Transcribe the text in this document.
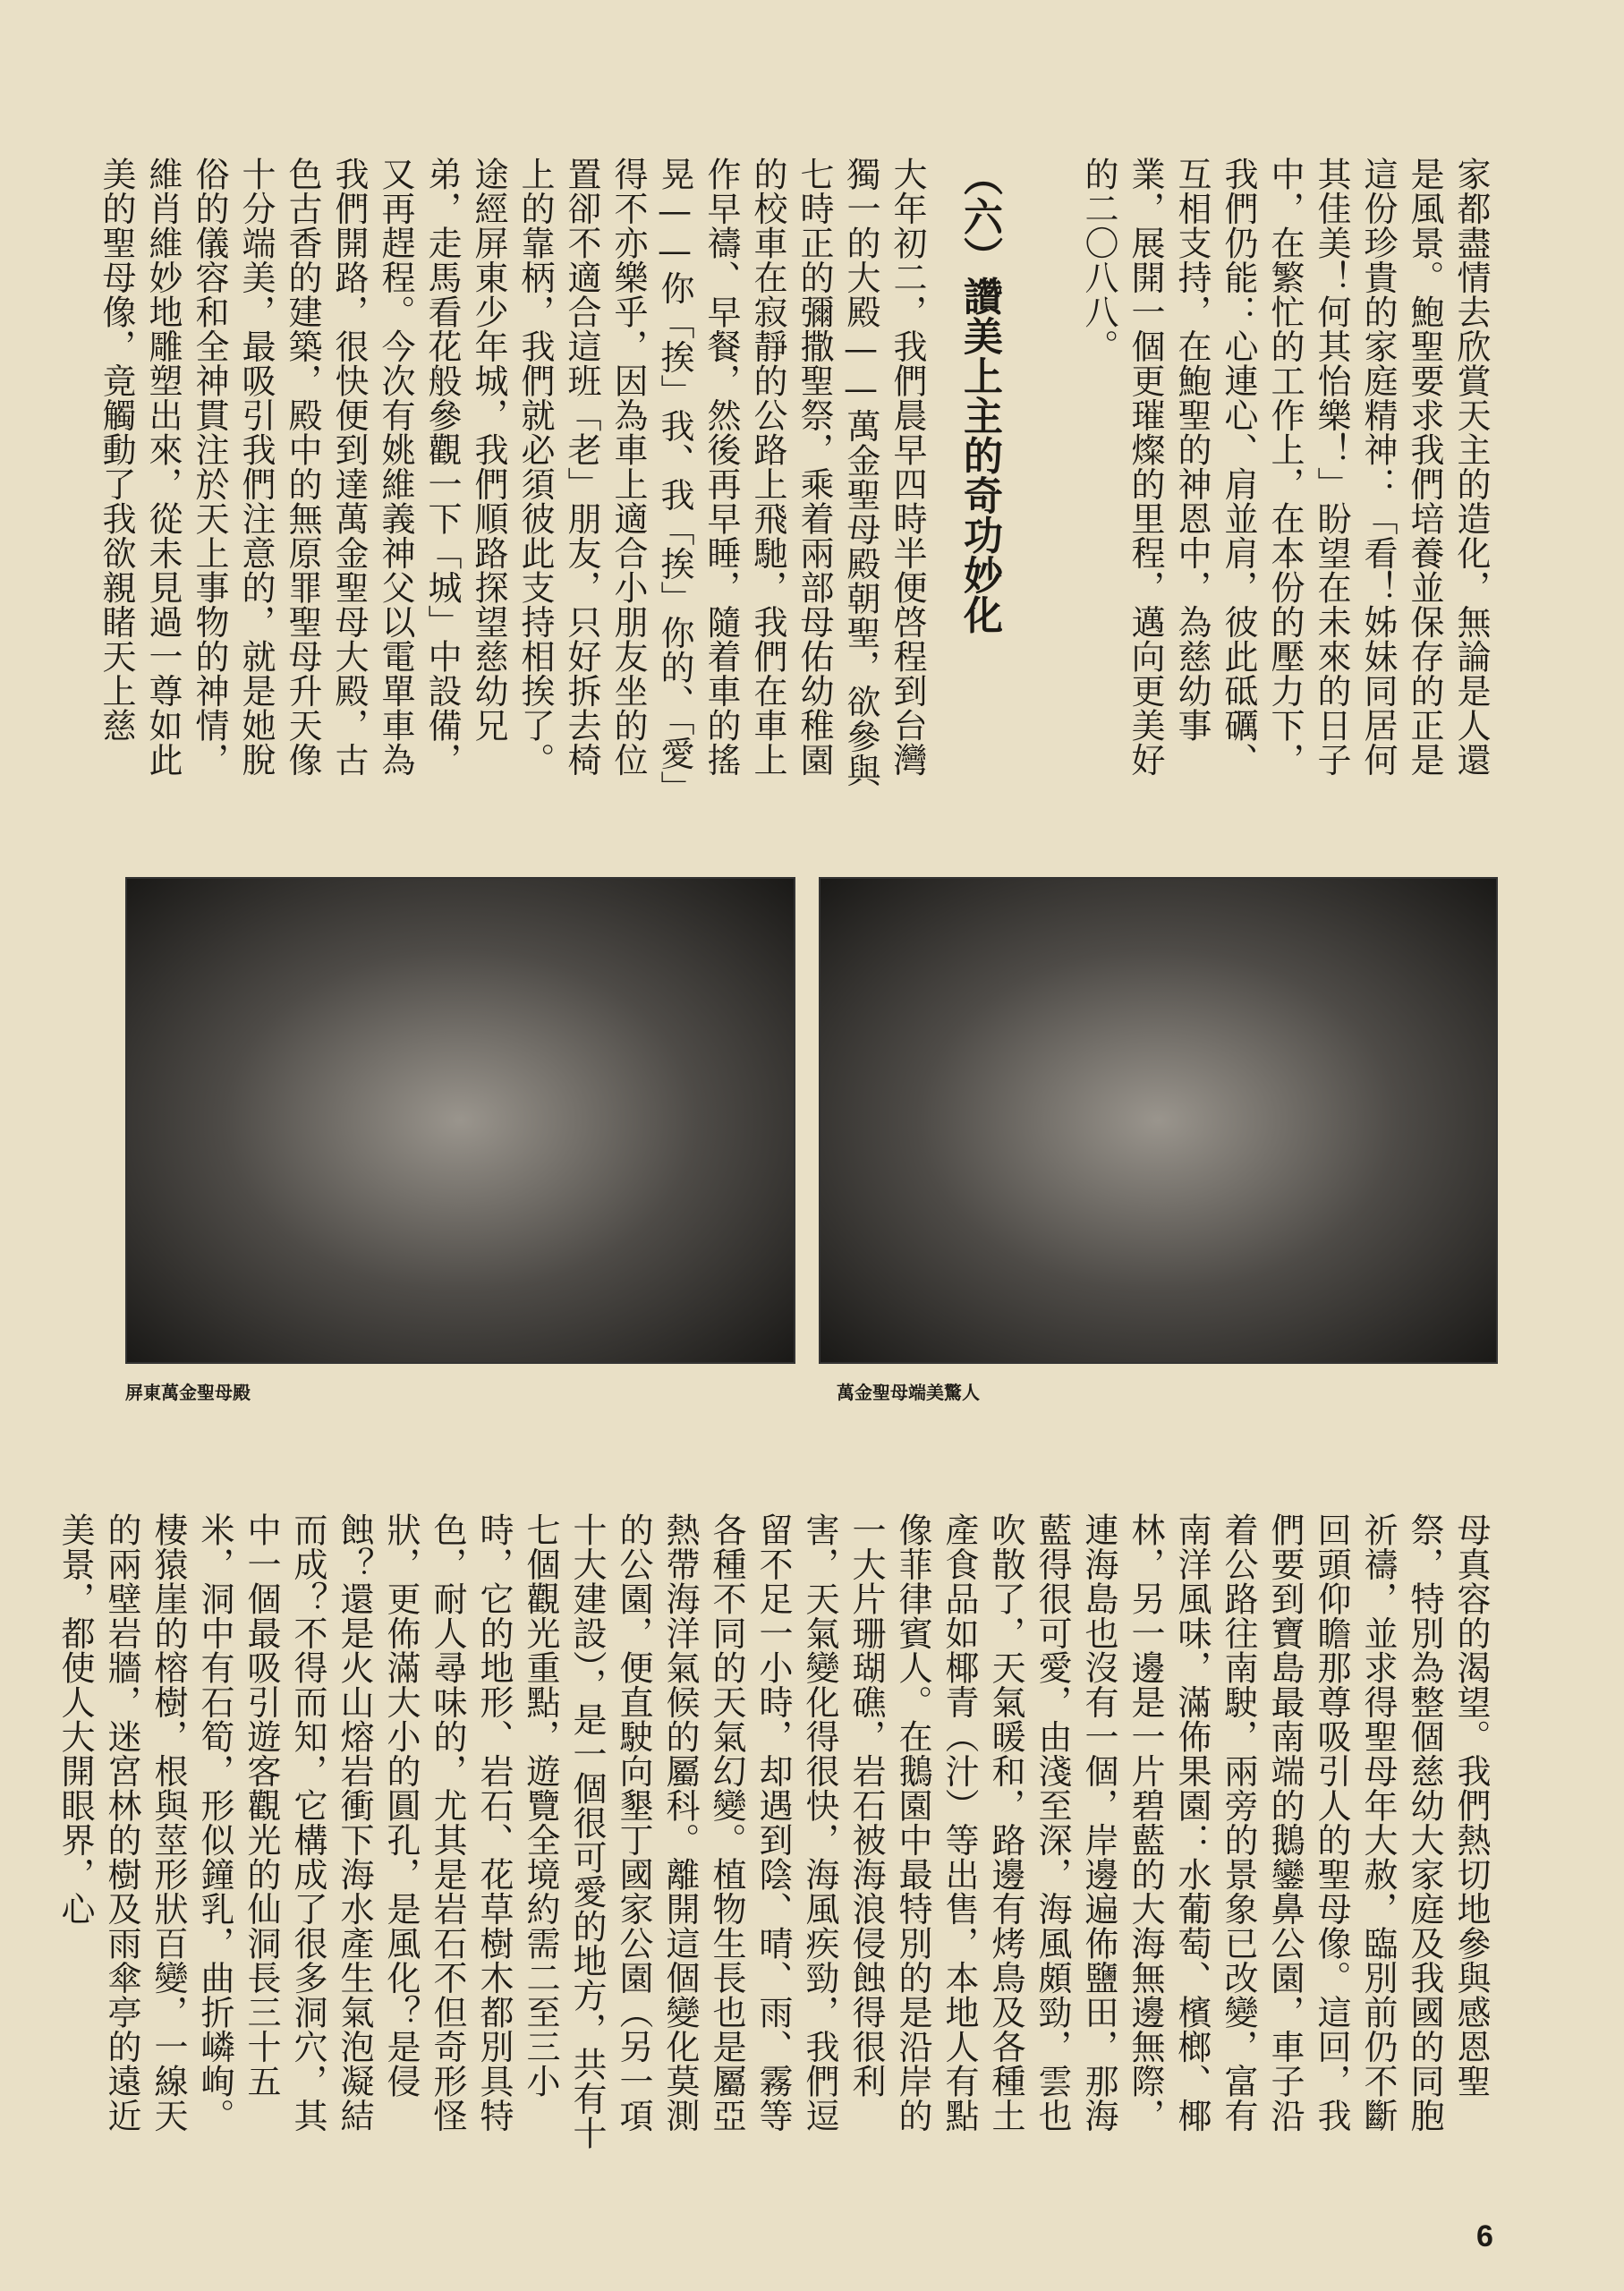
家都盡情去欣賞天主的造化，無論是人還是風景。鮑聖要求我們培養並保存的正是這份珍貴的家庭精神：「看！姊妹同居何其佳美！何其怡樂！」盼望在未來的日子中，在繁忙的工作上，在本份的壓力下，我們仍能：心連心、肩並肩，彼此砥礪、互相支持，在鮑聖的神恩中，為慈幼事業，展開一個更璀燦的里程，邁向更美好的二〇八八。
（六）讚美上主的奇功妙化
大年初二，我們晨早四時半便啓程到台灣獨一的大殿——萬金聖母殿朝聖，欲參與七時正的彌撒聖祭，乘着兩部母佑幼稚園的校車在寂靜的公路上飛馳，我們在車上作早禱、早餐，然後再早睡，隨着車的搖晃——你「挨」我、我「挨」你的、「愛」得不亦樂乎，因為車上適合小朋友坐的位置卻不適合這班「老」朋友，只好拆去椅上的靠柄，我們就必須彼此支持相挨了。途經屏東少年城，我們順路探望慈幼兄弟，走馬看花般參觀一下「城」中設備，又再趕程。今次有姚維義神父以電單車為我們開路，很快便到達萬金聖母大殿，古色古香的建築，殿中的無原罪聖母升天像十分端美，最吸引我們注意的，就是她脫俗的儀容和全神貫注於天上事物的神情，維肖維妙地雕塑出來，從未見過一尊如此美的聖母像，竟觸動了我欲親睹天上慈
屏東萬金聖母殿	萬金聖母端美驚人
母真容的渴望。我們熱切地參與感恩聖祭，特別為整個慈幼大家庭及我國的同胞祈禱，並求得聖母年大赦，臨別前仍不斷回頭仰瞻那尊吸引人的聖母像。這回，我們要到寶島最南端的鵝鑾鼻公園，車子沿着公路往南駛，兩旁的景象已改變，富有南洋風味，滿佈果園：水葡萄、檳榔、椰林，另一邊是一片碧藍的大海無邊無際，連海島也沒有一個，岸邊遍佈鹽田，那海藍得很可愛，由淺至深，海風頗勁，雲也吹散了，天氣暖和，路邊有烤鳥及各種土產食品如椰青（汁）等出售，本地人有點像菲律賓人。在鵝園中最特別的是沿岸的一大片珊瑚礁，岩石被海浪侵蝕得很利害，天氣變化得很快，海風疾勁，我們逗留不足一小時，却遇到陰、晴、雨、霧等各種不同的天氣幻變。植物生長也是屬亞熱帶海洋氣候的屬科。離開這個變化莫測的公園，便直駛向墾丁國家公園（另一項十大建設），是一個很可愛的地方，共有十七個觀光重點，遊覽全境約需二至三小時，它的地形、岩石、花草樹木都別具特色，耐人尋味的，尤其是岩石不但奇形怪狀，更佈滿大小的圓孔，是風化？是侵蝕？還是火山熔岩衝下海水產生氣泡凝結而成？不得而知，它構成了很多洞穴，其中一個最吸引遊客觀光的仙洞長三十五米，洞中有石筍，形似鐘乳，曲折嶙峋。棲猿崖的榕樹，根與莖形狀百變，一線天的兩壁岩牆，迷宮林的樹及雨傘亭的遠近美景，都使人大開眼界，心
6
